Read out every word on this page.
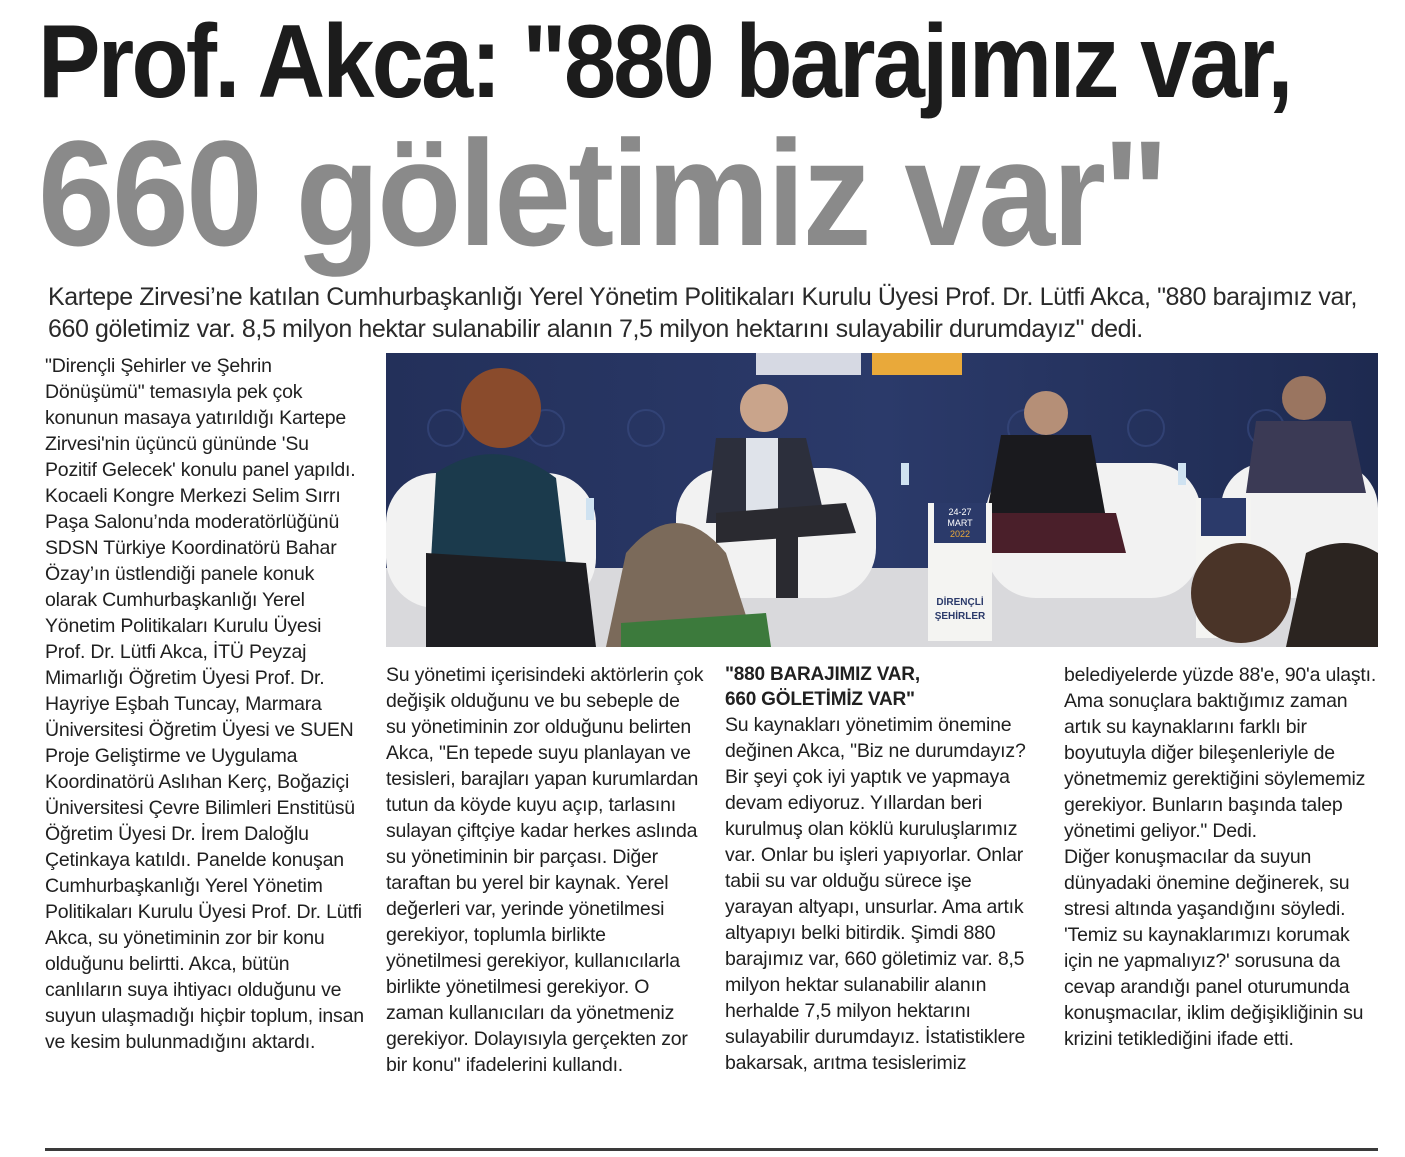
Prof. Akca: "880 barajımız var,
660 göletimiz var"
Kartepe Zirvesi’ne katılan Cumhurbaşkanlığı Yerel Yönetim Politikaları Kurulu Üyesi Prof. Dr. Lütfi Akca, "880 barajımız var, 660 göletimiz var. 8,5 milyon hektar sulanabilir alanın 7,5 milyon hektarını sulayabilir durumdayız" dedi.

"Dirençli Şehirler ve Şehrin Dönüşümü" temasıyla pek çok konunun masaya yatırıldığı Kartepe Zirvesi'nin üçüncü gününde 'Su Pozitif Gelecek' konulu panel yapıldı. Kocaeli Kongre Merkezi Selim Sırrı Paşa Salonu’nda moderatörlüğünü SDSN Türkiye Koordinatörü Bahar Özay’ın üstlendiği panele konuk olarak Cumhurbaşkanlığı Yerel Yönetim Politikaları Kurulu Üyesi Prof. Dr. Lütfi Akca, İTÜ Peyzaj Mimarlığı Öğretim Üyesi Prof. Dr. Hayriye Eşbah Tuncay, Marmara Üniversitesi Öğretim Üyesi ve SUEN Proje Geliştirme ve Uygulama Koordinatörü Aslıhan Kerç, Boğaziçi Üniversitesi Çevre Bilimleri Enstitüsü Öğretim Üyesi Dr. İrem Daloğlu Çetinkaya katıldı. Panelde konuşan Cumhurbaşkanlığı Yerel Yönetim Politikaları Kurulu Üyesi Prof. Dr. Lütfi Akca, su yönetiminin zor bir konu olduğunu belirtti. Akca, bütün canlıların suya ihtiyacı olduğunu ve suyun ulaşmadığı hiçbir toplum, insan ve kesim bulunmadığını aktardı.

24-27
MART
2022
DİRENÇLİ
ŞEHİRLER

Su yönetimi içerisindeki aktörlerin çok değişik olduğunu ve bu sebeple de su yönetiminin zor olduğunu belirten Akca, "En tepede suyu planlayan ve tesisleri, barajları yapan kurumlardan tutun da köyde kuyu açıp, tarlasını sulayan çiftçiye kadar herkes aslında su yönetiminin bir parçası. Diğer taraftan bu yerel bir kaynak. Yerel değerleri var, yerinde yönetilmesi gerekiyor, toplumla birlikte yönetilmesi gerekiyor, kullanıcılarla birlikte yönetilmesi gerekiyor. O zaman kullanıcıları da yönetmeniz gerekiyor. Dolayısıyla gerçekten zor bir konu" ifadelerini kullandı.

"880 BARAJIMIZ VAR,

660 GÖLETİMİZ VAR"

Su kaynakları yönetimim önemine değinen Akca, "Biz ne durumdayız? Bir şeyi çok iyi yaptık ve yapmaya devam ediyoruz. Yıllardan beri kurulmuş olan köklü kuruluşlarımız var. Onlar bu işleri yapıyorlar. Onlar tabii su var olduğu sürece işe yarayan altyapı, unsurlar. Ama artık altyapıyı belki bitirdik. Şimdi 880 barajımız var, 660 göletimiz var. 8,5 milyon hektar sulanabilir alanın herhalde 7,5 milyon hektarını sulayabilir durumdayız. İstatistiklere bakarsak, arıtma tesislerimiz

belediyelerde yüzde 88'e, 90'a ulaştı. Ama sonuçlara baktığımız zaman artık su kaynaklarını farklı bir boyutuyla diğer bileşenleriyle de yönetmemiz gerektiğini söylememiz gerekiyor. Bunların başında talep yönetimi geliyor." Dedi.

Diğer konuşmacılar da suyun dünyadaki önemine değinerek, su stresi altında yaşandığını söyledi. 'Temiz su kaynaklarımızı korumak için ne yapmalıyız?' sorusuna da cevap arandığı panel oturumunda konuşmacılar, iklim değişikliğinin su krizini tetiklediğini ifade etti.
